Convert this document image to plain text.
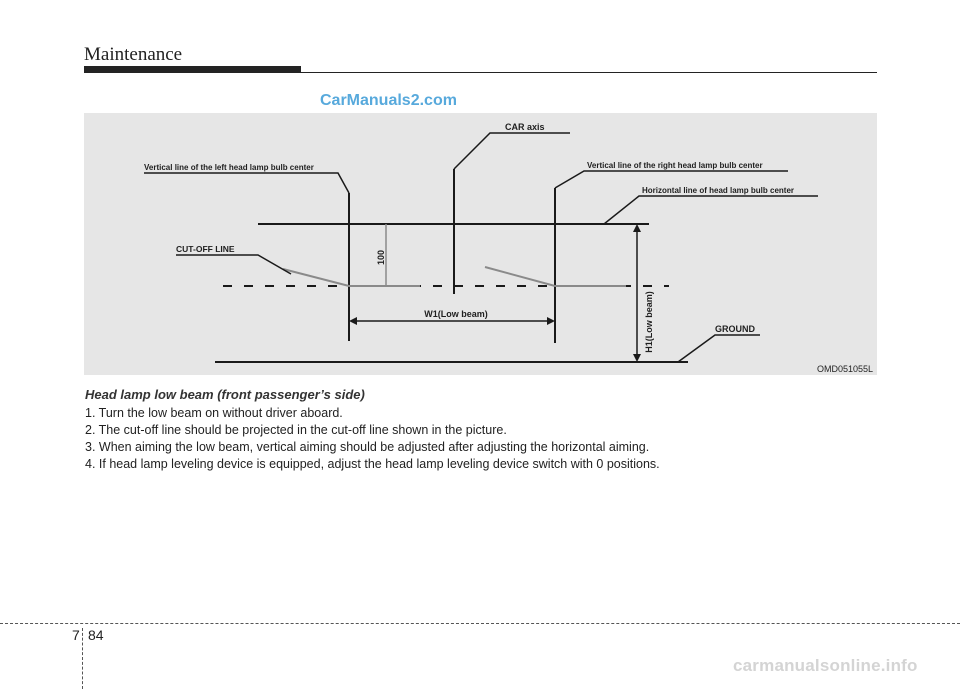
Maintenance
CarManuals2.com
100
W1(Low beam)	H1(Low beam)
CAR axis
Vertical line of the left head lamp bulb center	Vertical line of the right head lamp bulb center
Horizontal line of head lamp bulb center
CUT-OFF LINE
GROUND
OMD051055L

Head lamp low beam (front passenger’s side)

1. Turn the low beam on without driver aboard.
2. The cut-off line should be projected in the cut-off line shown in the picture.
3. When aiming the low beam, vertical aiming should be adjusted after adjusting the horizontal aiming.
4. If head lamp leveling device is equipped, adjust the head lamp leveling device switch with 0 positions.
7 84
carmanualsonline.info
